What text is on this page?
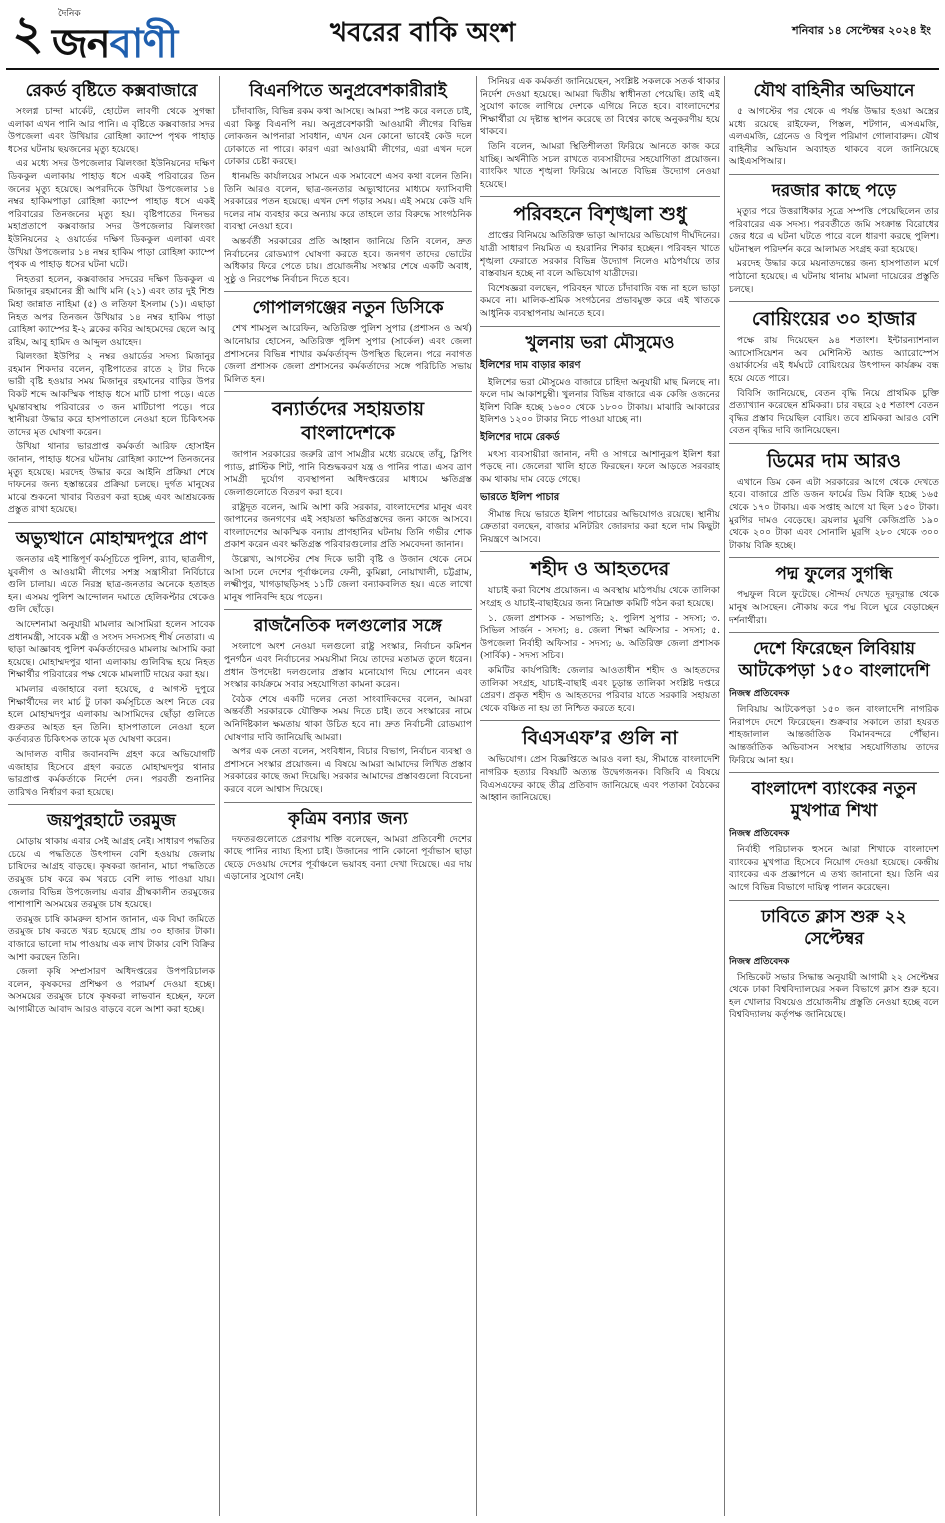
২	দৈনিক
জনবাণী	খবরের বাকি অংশ	শনিবার ১৪ সেপ্টেম্বর ২০২৪ ইং
রেকর্ড বৃষ্টিতে কক্সবাজারে

সংলগ্ন চান্দা মার্কেট, হোটেল লাবণী থেকে সুগন্ধা এলাকা এখন পানি আর পানি। এ বৃষ্টিতে কক্সবাজার সদর উপজেলা এবং উখিয়ার রোহিঙ্গা ক্যাম্পে পৃথক পাহাড় ধসের ঘটনায় ছয়জনের মৃত্যু হয়েছে।

এর মধ্যে সদর উপজেলার ঝিলংজা ইউনিয়নের দক্ষিণ ডিককুল এলাকায় পাহাড় ধসে একই পরিবারের তিন জনের মৃত্যু হয়েছে। অপরদিকে উখিয়া উপজেলার ১৪ নম্বর হাকিমপাড়া রোহিঙ্গা ক্যাম্পে পাহাড় ধসে একই পরিবারের তিনজনের মৃত্যু হয়। বৃষ্টিপাতের দিনভর মহাপ্রতাপে কক্সবাজার সদর উপজেলার ঝিলংজা ইউনিয়নের ২ ওয়ার্ডের দক্ষিণ ডিককুল এলাকা এবং উখিয়া উপজেলার ১৪ নম্বর হাকিম পাড়া রোহিঙ্গা ক্যাম্পে পৃথক এ পাহাড় ধসের ঘটনা ঘটে।

নিহতরা হলেন, কক্সবাজার সদরের দক্ষিণ ডিককুল এ মিজানুর রহমানের স্ত্রী আখি মনি (২১) এবং তার দুই শিশু মিহা জান্নাত নাহিমা (৫) ও লতিফা ইসলাম (১)। এছাড়া নিহত অপর তিনজন উখিয়ার ১৪ নম্বর হাকিম পাড়া রোহিঙ্গা ক্যাম্পের ই-২ ব্লকের কবির আহমেদের ছেলে আবু রহিম, আবু হামিদ ও আব্দুল ওয়াহেদ।

ঝিলংজা ইউপির ২ নম্বর ওয়ার্ডের সদস্য মিজানুর রহমান শিকদার বলেন, বৃষ্টিপাতের রাতে ২ টার দিকে ভারী বৃষ্টি হওয়ার সময় মিজানুর রহমানের বাড়ির উপর বিকট শব্দে আকস্মিক পাহাড় ধসে মাটি চাপা পড়ে। এতে ঘুমন্তাবস্থায় পরিবারের ৩ জন মাটিচাপা পড়ে। পরে স্থানীয়রা উদ্ধার করে হাসপাতালে নেওয়া হলে চিকিৎসক তাদের মৃত ঘোষণা করেন।

উখিয়া থানার ভারপ্রাপ্ত কর্মকর্তা আরিফ হোসাইন জানান, পাহাড় ধসের ঘটনায় রোহিঙ্গা ক্যাম্পে তিনজনের মৃত্যু হয়েছে। মরদেহ উদ্ধার করে আইনি প্রক্রিয়া শেষে দাফনের জন্য হস্তান্তরের প্রক্রিয়া চলছে। দুর্গত মানুষের মাঝে শুকনো খাবার বিতরণ করা হচ্ছে এবং আশ্রয়কেন্দ্র প্রস্তুত রাখা হয়েছে।

অভ্যুত্থানে মোহাম্মদপুরে প্রাণ

জনতার এই শান্তিপূর্ণ কর্মসূচিতে পুলিশ, র‌্যাব, ছাত্রলীগ, যুবলীগ ও আওয়ামী লীগের সশস্ত্র সন্ত্রাসীরা নির্বিচারে গুলি চালায়। এতে নিরস্ত্র ছাত্র-জনতার অনেকে হতাহত হন। এসময় পুলিশ আন্দোলন দমাতে হেলিকপ্টার থেকেও গুলি ছোঁড়ে।

আদেশনামা অনুযায়ী মামলার আসামিরা হলেন সাবেক প্রধানমন্ত্রী, সাবেক মন্ত্রী ও সংসদ সদস্যসহ শীর্ষ নেতারা। এ ছাড়া আজ্ঞাবহ পুলিশ কর্মকর্তাদেরও মামলায় আসামি করা হয়েছে। মোহাম্মদপুর থানা এলাকায় গুলিবিদ্ধ হয়ে নিহত শিক্ষার্থীর পরিবারের পক্ষ থেকে মামলাটি দায়ের করা হয়।

মামলার এজাহারে বলা হয়েছে, ৫ আগস্ট দুপুরে শিক্ষার্থীদের লং মার্চ টু ঢাকা কর্মসূচিতে অংশ নিতে বের হলে মোহাম্মদপুর এলাকায় আসামিদের ছোঁড়া গুলিতে গুরুতর আহত হন তিনি। হাসপাতালে নেওয়া হলে কর্তব্যরত চিকিৎসক তাকে মৃত ঘোষণা করেন।

আদালত বাদীর জবানবন্দি গ্রহণ করে অভিযোগটি এজাহার হিসেবে গ্রহণ করতে মোহাম্মদপুর থানার ভারপ্রাপ্ত কর্মকর্তাকে নির্দেশ দেন। পরবর্তী শুনানির তারিখও নির্ধারণ করা হয়েছে।

জয়পুরহাটে তরমুজ

মোড়ায় থাকায় এবার সেই আগ্রহ নেই। সাধারণ পদ্ধতির চেয়ে এ পদ্ধতিতে উৎপাদন বেশি হওয়ায় জেলায় চাষিদের আগ্রহ বাড়ছে। কৃষকরা জানান, মাচা পদ্ধতিতে তরমুজ চাষ করে কম খরচে বেশি লাভ পাওয়া যায়। জেলার বিভিন্ন উপজেলায় এবার গ্রীষ্মকালীন তরমুজের পাশাপাশি অসময়ের তরমুজ চাষ হয়েছে।

তরমুজ চাষি কামরুল হাসান জানান, এক বিঘা জমিতে তরমুজ চাষ করতে খরচ হয়েছে প্রায় ৩০ হাজার টাকা। বাজারে ভালো দাম পাওয়ায় এক লাখ টাকার বেশি বিক্রির আশা করছেন তিনি।

জেলা কৃষি সম্প্রসারণ অধিদপ্তরের উপপরিচালক বলেন, কৃষকদের প্রশিক্ষণ ও পরামর্শ দেওয়া হচ্ছে। অসময়ের তরমুজ চাষে কৃষকরা লাভবান হচ্ছেন, ফলে আগামীতে আবাদ আরও বাড়বে বলে আশা করা হচ্ছে।

বিএনপিতে অনুপ্রবেশকারীরাই

চাঁদাবাজি, বিভিন্ন রকম কথা আসছে। আমরা স্পষ্ট করে বলতে চাই, এরা কিন্তু বিএনপি নয়। অনুপ্রবেশকারী আওয়ামী লীগের বিভিন্ন লোকজন আপনারা সাবধান, এখন যেন কোনো ভাবেই কেউ দলে ঢোকাতে না পারে। কারণ এরা আওয়ামী লীগের, এরা এখন দলে ঢোকার চেষ্টা করছে।

ধানমন্ডি কার্যালয়ের সামনে এক সমাবেশে এসব কথা বলেন তিনি। তিনি আরও বলেন, ছাত্র-জনতার অভ্যুত্থানের মাধ্যমে ফ্যাসিবাদী সরকারের পতন হয়েছে। এখন দেশ গড়ার সময়। এই সময়ে কেউ যদি দলের নাম ব্যবহার করে অন্যায় করে তাহলে তার বিরুদ্ধে সাংগঠনিক ব্যবস্থা নেওয়া হবে।

অন্তর্বর্তী সরকারের প্রতি আহ্বান জানিয়ে তিনি বলেন, দ্রুত নির্বাচনের রোডম্যাপ ঘোষণা করতে হবে। জনগণ তাদের ভোটের অধিকার ফিরে পেতে চায়। প্রয়োজনীয় সংস্কার শেষে একটি অবাধ, সুষ্ঠু ও নিরপেক্ষ নির্বাচন দিতে হবে।

গোপালগঞ্জের নতুন ডিসিকে

শেখ শামসুল আরেফিন, অতিরিক্ত পুলিশ সুপার (প্রশাসন ও অর্থ) আনোয়ার হোসেন, অতিরিক্ত পুলিশ সুপার (সার্কেল) এবং জেলা প্রশাসনের বিভিন্ন শাখার কর্মকর্তাবৃন্দ উপস্থিত ছিলেন। পরে নবাগত জেলা প্রশাসক জেলা প্রশাসনের কর্মকর্তাদের সঙ্গে পরিচিতি সভায় মিলিত হন।

বন্যার্তদের সহায়তায় বাংলাদেশকে

জাপান সরকারের জরুরি ত্রাণ সামগ্রীর মধ্যে রয়েছে তাঁবু, স্লিপিং প্যাড, প্লাস্টিক শিট, পানি বিশুদ্ধকরণ যন্ত্র ও পানির পাত্র। এসব ত্রাণ সামগ্রী দুর্যোগ ব্যবস্থাপনা অধিদপ্তরের মাধ্যমে ক্ষতিগ্রস্ত জেলাগুলোতে বিতরণ করা হবে।

রাষ্ট্রদূত বলেন, আমি আশা করি সরকার, বাংলাদেশের মানুষ এবং জাপানের জনগণের এই সহায়তা ক্ষতিগ্রস্তদের জন্য কাজে আসবে। বাংলাদেশের আকস্মিক বন্যায় প্রাণহানির ঘটনায় তিনি গভীর শোক প্রকাশ করেন এবং ক্ষতিগ্রস্ত পরিবারগুলোর প্রতি সমবেদনা জানান।

উল্লেখ্য, আগস্টের শেষ দিকে ভারী বৃষ্টি ও উজান থেকে নেমে আসা ঢলে দেশের পূর্বাঞ্চলের ফেনী, কুমিল্লা, নোয়াখালী, চট্টগ্রাম, লক্ষ্মীপুর, খাগড়াছড়িসহ ১১টি জেলা বন্যাকবলিত হয়। এতে লাখো মানুষ পানিবন্দি হয়ে পড়েন।

রাজনৈতিক দলগুলোর সঙ্গে

সংলাপে অংশ নেওয়া দলগুলো রাষ্ট্র সংস্কার, নির্বাচন কমিশন পুনর্গঠন এবং নির্বাচনের সময়সীমা নিয়ে তাদের মতামত তুলে ধরেন। প্রধান উপদেষ্টা দলগুলোর প্রস্তাব মনোযোগ দিয়ে শোনেন এবং সংস্কার কার্যক্রমে সবার সহযোগিতা কামনা করেন।

বৈঠক শেষে একটি দলের নেতা সাংবাদিকদের বলেন, আমরা অন্তর্বর্তী সরকারকে যৌক্তিক সময় দিতে চাই। তবে সংস্কারের নামে অনির্দিষ্টকাল ক্ষমতায় থাকা উচিত হবে না। দ্রুত নির্বাচনী রোডম্যাপ ঘোষণার দাবি জানিয়েছি আমরা।

অপর এক নেতা বলেন, সংবিধান, বিচার বিভাগ, নির্বাচন ব্যবস্থা ও প্রশাসনে সংস্কার প্রয়োজন। এ বিষয়ে আমরা আমাদের লিখিত প্রস্তাব সরকারের কাছে জমা দিয়েছি। সরকার আমাদের প্রস্তাবগুলো বিবেচনা করবে বলে আশ্বাস দিয়েছে।

কৃত্রিম বন্যার জন্য

দফতরগুলোতে প্রেরণায় শক্তি বলেছেন, আমরা প্রতিবেশী দেশের কাছে পানির ন্যায্য হিস্যা চাই। উজানের পানি কোনো পূর্বাভাস ছাড়া ছেড়ে দেওয়ায় দেশের পূর্বাঞ্চলে ভয়াবহ বন্যা দেখা দিয়েছে। এর দায় এড়ানোর সুযোগ নেই।

সিনিয়র এক কর্মকর্তা জানিয়েছেন, সংশ্লিষ্ট সকলকে সতর্ক থাকার নির্দেশ দেওয়া হয়েছে। আমরা দ্বিতীয় স্বাধীনতা পেয়েছি। তাই এই সুযোগ কাজে লাগিয়ে দেশকে এগিয়ে নিতে হবে। বাংলাদেশের শিক্ষার্থীরা যে দৃষ্টান্ত স্থাপন করেছে তা বিশ্বের কাছে অনুকরণীয় হয়ে থাকবে।

তিনি বলেন, আমরা স্থিতিশীলতা ফিরিয়ে আনতে কাজ করে যাচ্ছি। অর্থনীতি সচল রাখতে ব্যবসায়ীদের সহযোগিতা প্রয়োজন। ব্যাংকিং খাতে শৃঙ্খলা ফিরিয়ে আনতে বিভিন্ন উদ্যোগ নেওয়া হয়েছে।

পরিবহনে বিশৃঙ্খলা শুধু

প্রাপ্তের বিনিময়ে অতিরিক্ত ভাড়া আদায়ের অভিযোগ দীর্ঘদিনের। যাত্রী সাধারণ নিয়মিত এ হয়রানির শিকার হচ্ছেন। পরিবহন খাতে শৃঙ্খলা ফেরাতে সরকার বিভিন্ন উদ্যোগ নিলেও মাঠপর্যায়ে তার বাস্তবায়ন হচ্ছে না বলে অভিযোগ যাত্রীদের।

বিশেষজ্ঞরা বলছেন, পরিবহন খাতে চাঁদাবাজি বন্ধ না হলে ভাড়া কমবে না। মালিক-শ্রমিক সংগঠনের প্রভাবমুক্ত করে এই খাতকে আধুনিক ব্যবস্থাপনায় আনতে হবে।

খুলনায় ভরা মৌসুমেও
ইলিশের দাম বাড়ার কারণ

ইলিশের ভরা মৌসুমেও বাজারে চাহিদা অনুযায়ী মাছ মিলছে না। ফলে দাম আকাশচুম্বী। খুলনার বিভিন্ন বাজারে এক কেজি ওজনের ইলিশ বিক্রি হচ্ছে ১৬০০ থেকে ১৮০০ টাকায়। মাঝারি আকারের ইলিশও ১২০০ টাকার নিচে পাওয়া যাচ্ছে না।

ইলিশের দামে রেকর্ড

মৎস্য ব্যবসায়ীরা জানান, নদী ও সাগরে আশানুরূপ ইলিশ ধরা পড়ছে না। জেলেরা খালি হাতে ফিরছেন। ফলে আড়তে সরবরাহ কম থাকায় দাম বেড়ে গেছে।

ভারতে ইলিশ পাচার

সীমান্ত দিয়ে ভারতে ইলিশ পাচারের অভিযোগও রয়েছে। স্থানীয় ক্রেতারা বলছেন, বাজার মনিটরিং জোরদার করা হলে দাম কিছুটা নিয়ন্ত্রণে আসবে।

শহীদ ও আহতদের

যাচাই করা বিশেষ প্রয়োজন। এ অবস্থায় মাঠপর্যায় থেকে তালিকা সংগ্রহ ও যাচাই-বাছাইয়ের জন্য নিম্নোক্ত কমিটি গঠন করা হয়েছে।

১. জেলা প্রশাসক - সভাপতি; ২. পুলিশ সুপার - সদস্য; ৩. সিভিল সার্জন - সদস্য; ৪. জেলা শিক্ষা অফিসার - সদস্য; ৫. উপজেলা নির্বাহী অফিসার - সদস্য; ৬. অতিরিক্ত জেলা প্রশাসক (সার্বিক) - সদস্য সচিব।

কমিটির কার্যপরিধি: জেলার আওতাধীন শহীদ ও আহতদের তালিকা সংগ্রহ, যাচাই-বাছাই এবং চূড়ান্ত তালিকা সংশ্লিষ্ট দপ্তরে প্রেরণ। প্রকৃত শহীদ ও আহতদের পরিবার যাতে সরকারি সহায়তা থেকে বঞ্চিত না হয় তা নিশ্চিত করতে হবে।

বিএসএফ’র গুলি না

অভিযোগ। প্রেস বিজ্ঞপ্তিতে আরও বলা হয়, সীমান্তে বাংলাদেশি নাগরিক হত্যার বিষয়টি অত্যন্ত উদ্বেগজনক। বিজিবি এ বিষয়ে বিএসএফের কাছে তীব্র প্রতিবাদ জানিয়েছে এবং পতাকা বৈঠকের আহ্বান জানিয়েছে।

যৌথ বাহিনীর অভিযানে

৫ আগস্টের পর থেকে এ পর্যন্ত উদ্ধার হওয়া অস্ত্রের মধ্যে রয়েছে রাইফেল, পিস্তল, শটগান, এসএমজি, এলএমজি, গ্রেনেড ও বিপুল পরিমাণ গোলাবারুদ। যৌথ বাহিনীর অভিযান অব্যাহত থাকবে বলে জানিয়েছে আইএসপিআর।

দরজার কাছে পড়ে

মৃত্যুর পরে উত্তরাধিকার সূত্রে সম্পত্তি পেয়েছিলেন তার পরিবারের এক সদস্য। পরবর্তীতে জমি সংক্রান্ত বিরোধের জের ধরে এ ঘটনা ঘটতে পারে বলে ধারণা করছে পুলিশ। ঘটনাস্থল পরিদর্শন করে আলামত সংগ্রহ করা হয়েছে।

মরদেহ উদ্ধার করে ময়নাতদন্তের জন্য হাসপাতাল মর্গে পাঠানো হয়েছে। এ ঘটনায় থানায় মামলা দায়েরের প্রস্তুতি চলছে।

বোয়িংয়ের ৩০ হাজার

পক্ষে রায় দিয়েছেন ৯৪ শতাংশ। ইন্টারন্যাশনাল অ্যাসোসিয়েশন অব মেশিনিস্ট অ্যান্ড অ্যারোস্পেস ওয়ার্কার্সের এই ধর্মঘটে বোয়িংয়ের উৎপাদন কার্যক্রম বন্ধ হয়ে যেতে পারে।

বিবিসি জানিয়েছে, বেতন বৃদ্ধি নিয়ে প্রাথমিক চুক্তি প্রত্যাখ্যান করেছেন শ্রমিকরা। চার বছরে ২৫ শতাংশ বেতন বৃদ্ধির প্রস্তাব দিয়েছিল বোয়িং। তবে শ্রমিকরা আরও বেশি বেতন বৃদ্ধির দাবি জানিয়েছেন।

ডিমের দাম আরও

এখানে ডিম কেন এটা সরকারের আগে থেকে দেখতে হবে। বাজারে প্রতি ডজন ফার্মের ডিম বিক্রি হচ্ছে ১৬৫ থেকে ১৭০ টাকায়। এক সপ্তাহ আগে যা ছিল ১৫০ টাকা। মুরগির দামও বেড়েছে। ব্রয়লার মুরগি কেজিপ্রতি ১৯০ থেকে ২০০ টাকা এবং সোনালি মুরগি ২৮০ থেকে ৩০০ টাকায় বিক্রি হচ্ছে।

পদ্ম ফুলের সুগন্ধি

পদ্মফুল বিলে ফুটেছে। সৌন্দর্য দেখতে দূরদূরান্ত থেকে মানুষ আসছেন। নৌকায় করে পদ্ম বিলে ঘুরে বেড়াচ্ছেন দর্শনার্থীরা।

দেশে ফিরেছেন লিবিয়ায় আটকেপড়া ১৫০ বাংলাদেশি
নিজস্ব প্রতিবেদক

লিবিয়ায় আটকেপড়া ১৫০ জন বাংলাদেশি নাগরিক নিরাপদে দেশে ফিরেছেন। শুক্রবার সকালে তারা হযরত শাহজালাল আন্তর্জাতিক বিমানবন্দরে পৌঁছান। আন্তর্জাতিক অভিবাসন সংস্থার সহযোগিতায় তাদের ফিরিয়ে আনা হয়।

বাংলাদেশ ব্যাংকের নতুন মুখপাত্র শিখা
নিজস্ব প্রতিবেদক

নির্বাহী পরিচালক হুসনে আরা শিখাকে বাংলাদেশ ব্যাংকের মুখপাত্র হিসেবে নিয়োগ দেওয়া হয়েছে। কেন্দ্রীয় ব্যাংকের এক প্রজ্ঞাপনে এ তথ্য জানানো হয়। তিনি এর আগে বিভিন্ন বিভাগে দায়িত্ব পালন করেছেন।

ঢাবিতে ক্লাস শুরু ২২ সেপ্টেম্বর
নিজস্ব প্রতিবেদক

সিন্ডিকেট সভার সিদ্ধান্ত অনুযায়ী আগামী ২২ সেপ্টেম্বর থেকে ঢাকা বিশ্ববিদ্যালয়ের সকল বিভাগে ক্লাস শুরু হবে। হল খোলার বিষয়েও প্রয়োজনীয় প্রস্তুতি নেওয়া হচ্ছে বলে বিশ্ববিদ্যালয় কর্তৃপক্ষ জানিয়েছে।
